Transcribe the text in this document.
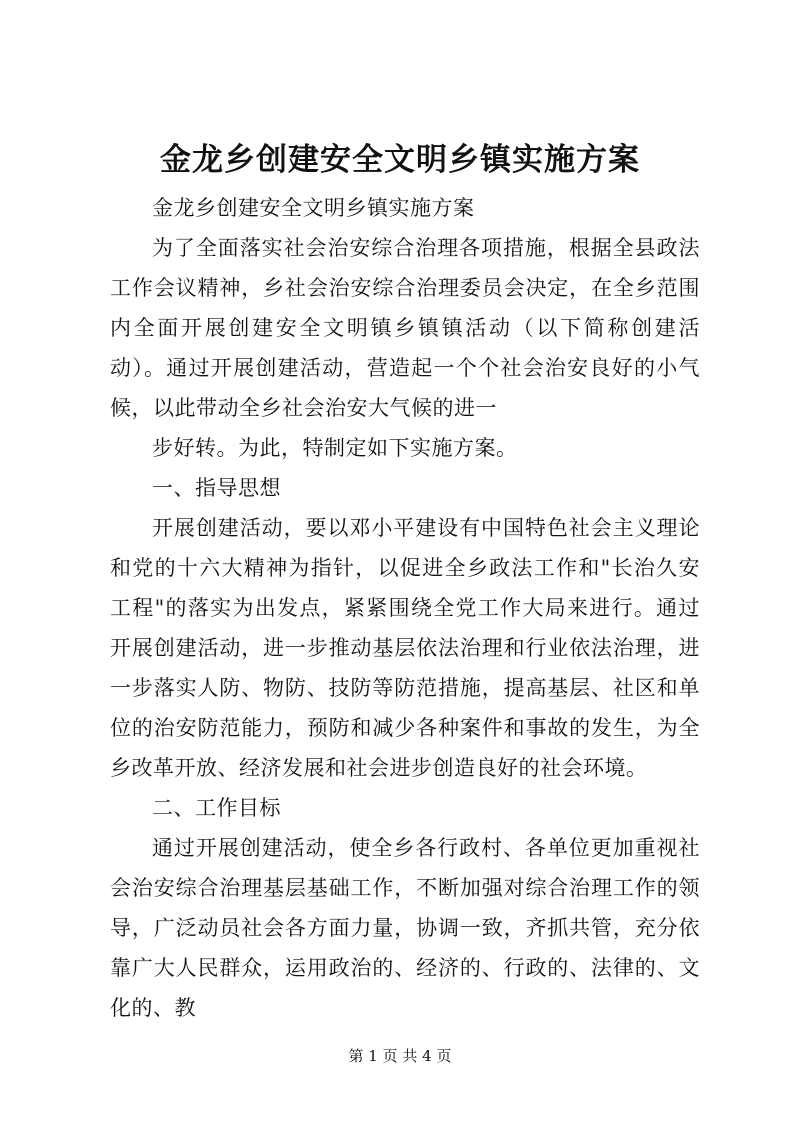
金龙乡创建安全文明乡镇实施方案

金龙乡创建安全文明乡镇实施方案

为了全面落实社会治安综合治理各项措施，根据全县政法工作会议精神，乡社会治安综合治理委员会决定，在全乡范围内全面开展创建安全文明镇乡镇镇活动（以下简称创建活动）。通过开展创建活动，营造起一个个社会治安良好的小气候，以此带动全乡社会治安大气候的进一

步好转。为此，特制定如下实施方案。

一、指导思想

开展创建活动，要以邓小平建设有中国特色社会主义理论和党的十六大精神为指针，以促进全乡政法工作和"长治久安工程"的落实为出发点，紧紧围绕全党工作大局来进行。通过开展创建活动，进一步推动基层依法治理和行业依法治理，进一步落实人防、物防、技防等防范措施，提高基层、社区和单位的治安防范能力，预防和减少各种案件和事故的发生，为全乡改革开放、经济发展和社会进步创造良好的社会环境。

二、工作目标

通过开展创建活动，使全乡各行政村、各单位更加重视社会治安综合治理基层基础工作，不断加强对综合治理工作的领导，广泛动员社会各方面力量，协调一致，齐抓共管，充分依靠广大人民群众，运用政治的、经济的、行政的、法律的、文化的、教

第 1 页 共 4 页
